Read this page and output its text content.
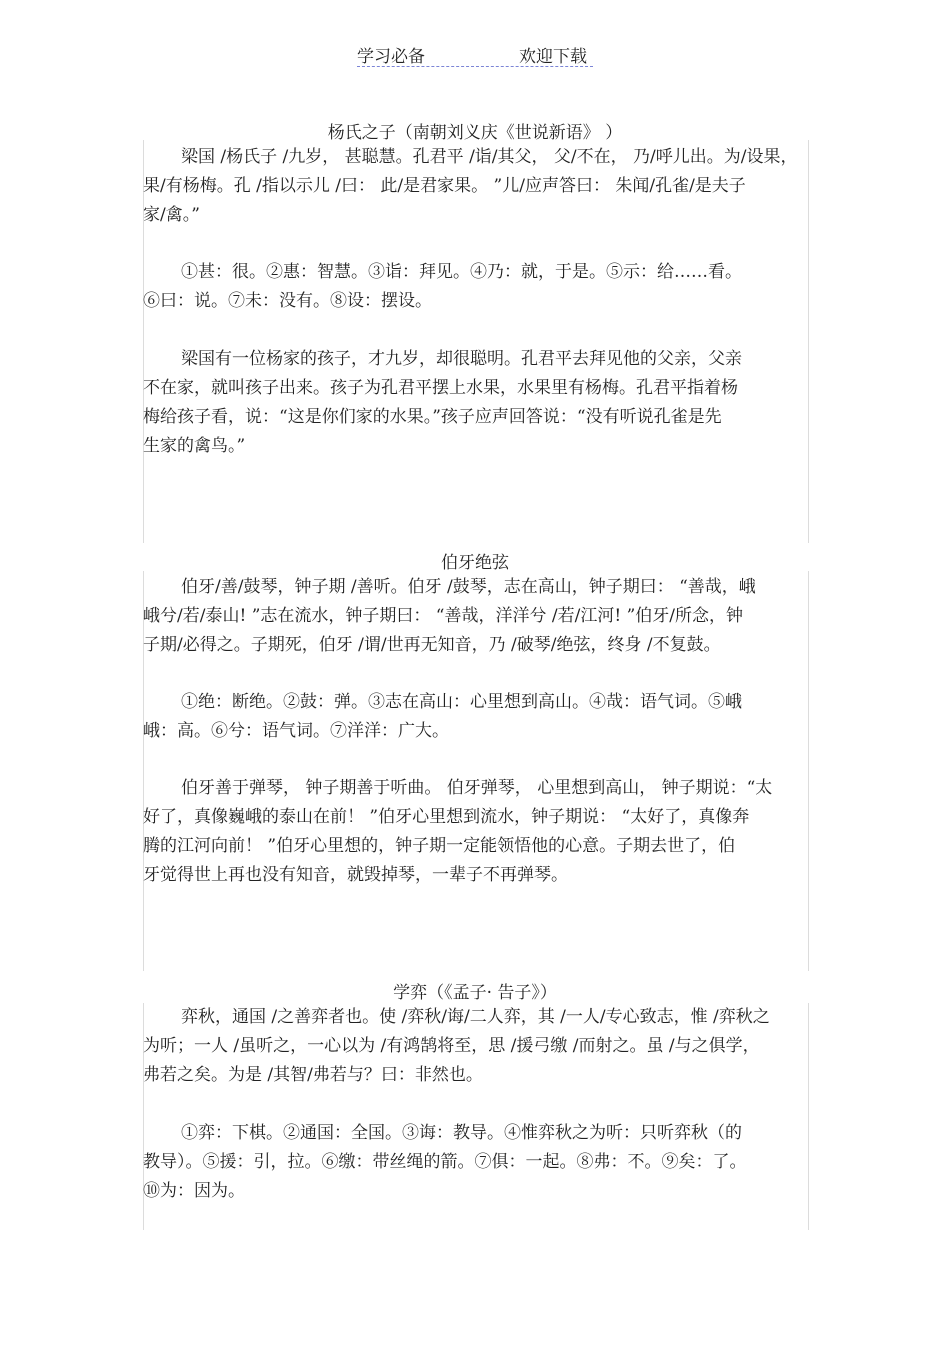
学习必备	欢迎下载
杨氏之子（南朝刘义庆《世说新语》 ）
梁国 /杨氏子 /九岁， 甚聪慧。孔君平 /诣/其父， 父/不在， 乃/呼儿出。为/设果，
果/有杨梅。孔 /指以示儿 /曰： 此/是君家果。 ”儿/应声答曰： 朱闻/孔雀/是夫子
家/禽。”
①甚：很。②惠：智慧。③诣：拜见。④乃：就，于是。⑤示：给……看。
⑥曰：说。⑦未：没有。⑧设：摆设。
梁国有一位杨家的孩子，才九岁，却很聪明。孔君平去拜见他的父亲，父亲
不在家，就叫孩子出来。孩子为孔君平摆上水果，水果里有杨梅。孔君平指着杨
梅给孩子看，说：“这是你们家的水果。”孩子应声回答说：“没有听说孔雀是先
生家的禽鸟。”
伯牙绝弦
伯牙/善/鼓琴，钟子期 /善听。伯牙 /鼓琴，志在高山，钟子期曰： “善哉，峨
峨兮/若/泰山! ”志在流水，钟子期曰： “善哉，洋洋兮 /若/江河! ”伯牙/所念，钟
子期/必得之。子期死，伯牙 /谓/世再无知音，乃 /破琴/绝弦，终身 /不复鼓。
①绝：断绝。②鼓：弹。③志在高山：心里想到高山。④哉：语气词。⑤峨
峨：高。⑥兮：语气词。⑦洋洋：广大。
伯牙善于弹琴， 钟子期善于听曲。 伯牙弹琴， 心里想到高山， 钟子期说：“太
好了，真像巍峨的泰山在前！ ”伯牙心里想到流水，钟子期说： “太好了，真像奔
腾的江河向前！ ”伯牙心里想的，钟子期一定能领悟他的心意。子期去世了，伯
牙觉得世上再也没有知音，就毁掉琴，一辈子不再弹琴。
学弈（《孟子· 告子》）
弈秋，通国 /之善弈者也。使 /弈秋/诲/二人弈，其 /一人/专心致志，惟 /弈秋之
为听；一人 /虽听之，一心以为 /有鸿鹄将至，思 /援弓缴 /而射之。虽 /与之俱学，
弗若之矣。为是 /其智/弗若与？曰：非然也。
①弈：下棋。②通国：全国。③诲：教导。④惟弈秋之为听：只听弈秋（的
教导）。⑤援：引，拉。⑥缴：带丝绳的箭。⑦俱：一起。⑧弗：不。⑨矣：了。
⑩为：因为。
